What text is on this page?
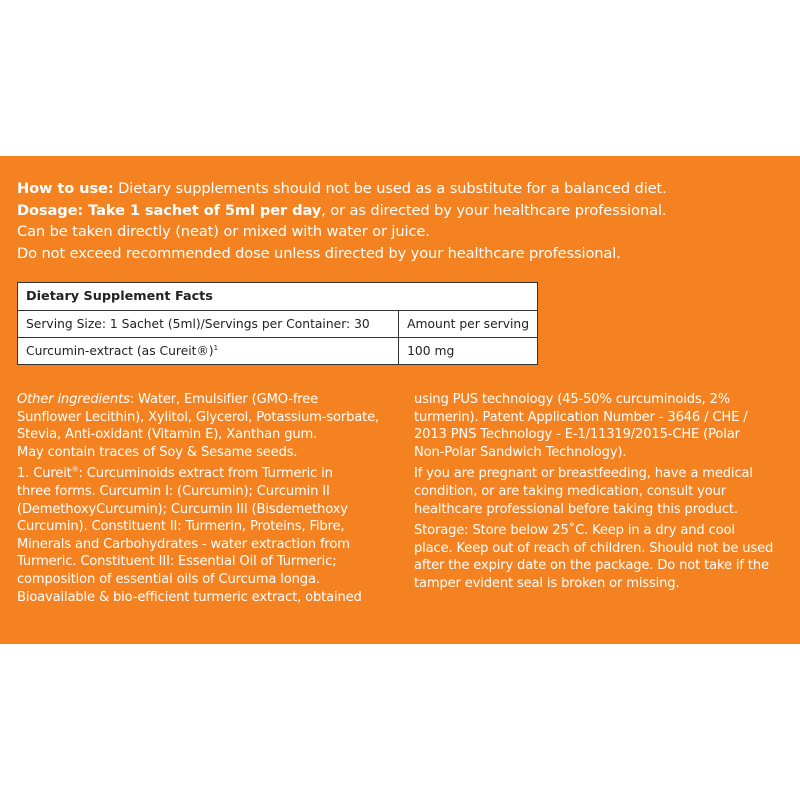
How to use: Dietary supplements should not be used as a substitute for a balanced diet.
Dosage: Take 1 sachet of 5ml per day, or as directed by your healthcare professional.
Can be taken directly (neat) or mixed with water or juice.
Do not exceed recommended dose unless directed by your healthcare professional.
Dietary Supplement Facts	
Serving Size: 1 Sachet (5ml)/Servings per Container: 30	Amount per serving
Curcumin-extract (as Cureit®)$^1$	100 mg
Other ingredients: Water, Emulsifier (GMO-free
Sunflower Lecithin), Xylitol, Glycerol, Potassium-sorbate,
Stevia, Anti-oxidant (Vitamin E), Xanthan gum.
May contain traces of Soy & Sesame seeds.
1. Cureit®: Curcuminoids extract from Turmeric in
three forms. Curcumin I: (Curcumin); Curcumin II
(DemethoxyCurcumin); Curcumin III (Bisdemethoxy
Curcumin). Constituent II: Turmerin, Proteins, Fibre,
Minerals and Carbohydrates - water extraction from
Turmeric. Constituent III: Essential Oil of Turmeric;
composition of essential oils of Curcuma longa.
Bioavailable & bio-efficient turmeric extract, obtained
using PUS technology (45-50% curcuminoids, 2%
turmerin). Patent Application Number - 3646 / CHE /
2013 PNS Technology - E-1/11319/2015-CHE (Polar
Non-Polar Sandwich Technology).
If you are pregnant or breastfeeding, have a medical
condition, or are taking medication, consult your
healthcare professional before taking this product.
Storage: Store below 25˚C. Keep in a dry and cool
place. Keep out of reach of children. Should not be used
after the expiry date on the package. Do not take if the
tamper evident seal is broken or missing.
